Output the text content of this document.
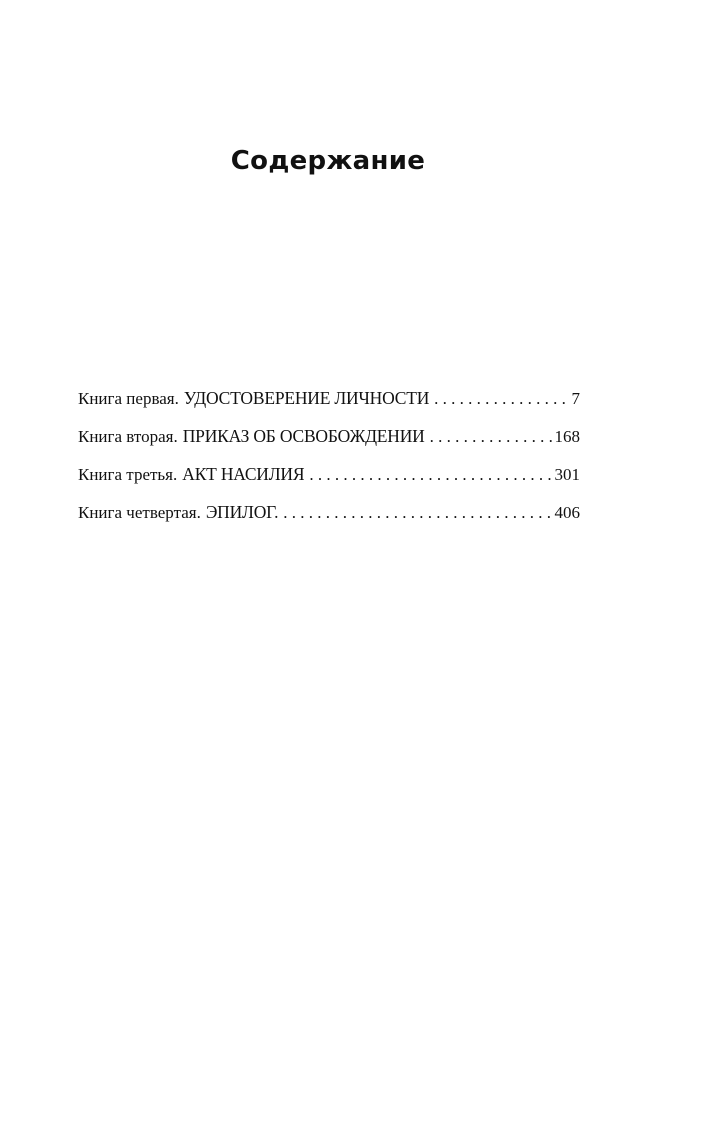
Содержание
Книга первая. УДОСТОВЕРЕНИЕ ЛИЧНОСТИ . . .	7
Книга вторая. ПРИКАЗ ОБ ОСВОБОЖДЕНИИ . . .	168
Книга третья. АКТ НАСИЛИЯ . . .	301
Книга четвертая. ЭПИЛОГ. . . .	406
